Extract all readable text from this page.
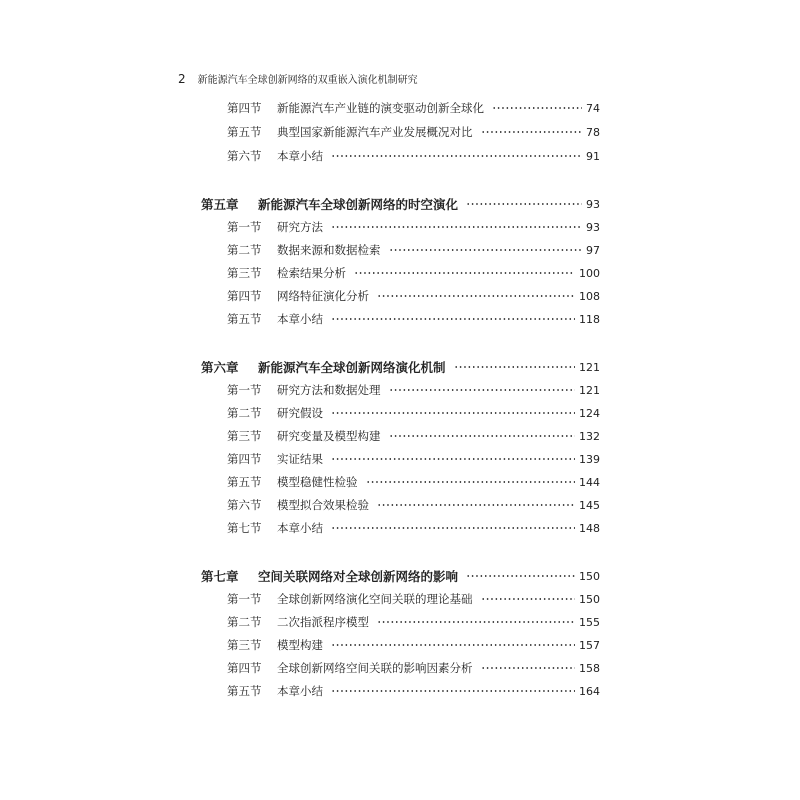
2 新能源汽车全球创新网络的双重嵌入演化机制研究
第四节	新能源汽车产业链的演变驱动创新全球化	74
第五节	典型国家新能源汽车产业发展概况对比	78
第六节	本章小结	91
第五章	新能源汽车全球创新网络的时空演化	93
第一节	研究方法	93
第二节	数据来源和数据检索	97
第三节	检索结果分析	100
第四节	网络特征演化分析	108
第五节	本章小结	118
第六章	新能源汽车全球创新网络演化机制	121
第一节	研究方法和数据处理	121
第二节	研究假设	124
第三节	研究变量及模型构建	132
第四节	实证结果	139
第五节	模型稳健性检验	144
第六节	模型拟合效果检验	145
第七节	本章小结	148
第七章	空间关联网络对全球创新网络的影响	150
第一节	全球创新网络演化空间关联的理论基础	150
第二节	二次指派程序模型	155
第三节	模型构建	157
第四节	全球创新网络空间关联的影响因素分析	158
第五节	本章小结	164
